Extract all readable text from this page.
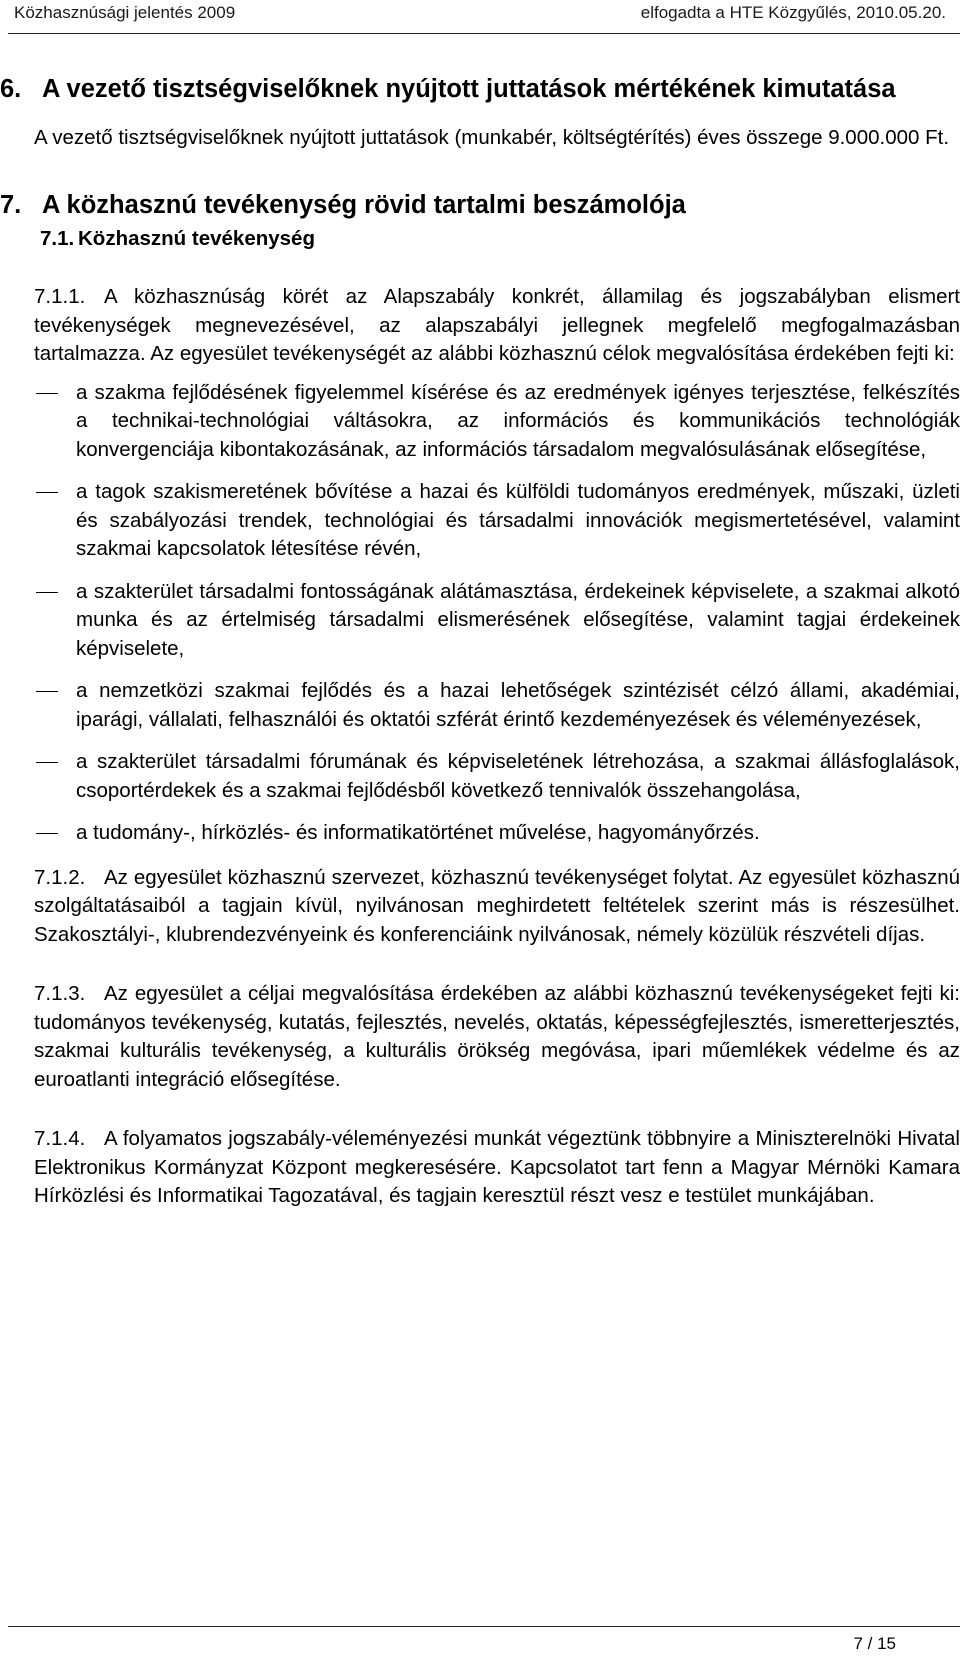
Közhasznúsági jelentés 2009	elfogadta a HTE Közgyűlés, 2010.05.20.
6. A vezető tisztségviselőknek nyújtott juttatások mértékének kimutatása

A vezető tisztségviselőknek nyújtott juttatások (munkabér, költségtérítés) éves összege 9.000.000 Ft.

7. A közhasznú tevékenység rövid tartalmi beszámolója
7.1. Közhasznú tevékenység

7.1.1. A közhasznúság körét az Alapszabály konkrét, államilag és jogszabályban elismert tevékenységek megnevezésével, az alapszabályi jellegnek megfelelő megfogalmazásban tartalmazza. Az egyesület tevékenységét az alábbi közhasznú célok megvalósítása érdekében fejti ki:

a szakma fejlődésének figyelemmel kísérése és az eredmények igényes terjesztése, felkészítés a technikai-technológiai váltásokra, az információs és kommunikációs technológiák konvergenciája kibontakozásának, az információs társadalom megvalósulásának elősegítése,
a tagok szakismeretének bővítése a hazai és külföldi tudományos eredmények, műszaki, üzleti és szabályozási trendek, technológiai és társadalmi innovációk megismertetésével, valamint szakmai kapcsolatok létesítése révén,
a szakterület társadalmi fontosságának alátámasztása, érdekeinek képviselete, a szakmai alkotó munka és az értelmiség társadalmi elismerésének elősegítése, valamint tagjai érdekeinek képviselete,
a nemzetközi szakmai fejlődés és a hazai lehetőségek szintézisét célzó állami, akadémiai, iparági, vállalati, felhasználói és oktatói szférát érintő kezdeményezések és véleményezések,
a szakterület társadalmi fórumának és képviseletének létrehozása, a szakmai állásfoglalások, csoportérdekek és a szakmai fejlődésből következő tennivalók összehangolása,
a tudomány-, hírközlés- és informatikatörténet művelése, hagyományőrzés.

7.1.2. Az egyesület közhasznú szervezet, közhasznú tevékenységet folytat. Az egyesület közhasznú szolgáltatásaiból a tagjain kívül, nyilvánosan meghirdetett feltételek szerint más is részesülhet. Szakosztályi-, klubrendezvényeink és konferenciáink nyilvánosak, némely közülük részvételi díjas.

7.1.3. Az egyesület a céljai megvalósítása érdekében az alábbi közhasznú tevékenységeket fejti ki: tudományos tevékenység, kutatás, fejlesztés, nevelés, oktatás, képességfejlesztés, ismeretterjesztés, szakmai kulturális tevékenység, a kulturális örökség megóvása, ipari műemlékek védelme és az euroatlanti integráció elősegítése.

7.1.4. A folyamatos jogszabály-véleményezési munkát végeztünk többnyire a Miniszterelnöki Hivatal Elektronikus Kormányzat Központ megkeresésére. Kapcsolatot tart fenn a Magyar Mérnöki Kamara Hírközlési és Informatikai Tagozatával, és tagjain keresztül részt vesz e testület munkájában.

7 / 15
